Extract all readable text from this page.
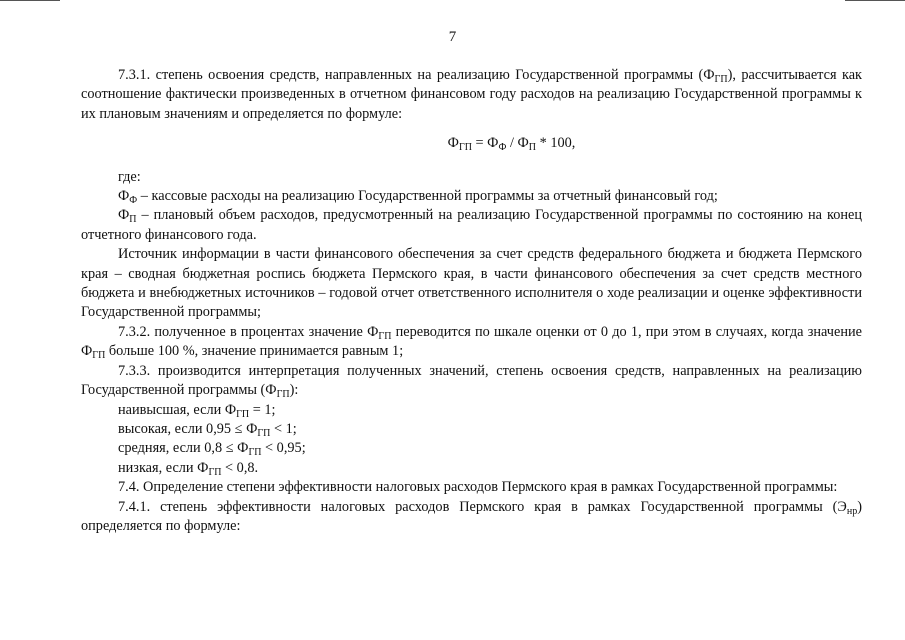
7

7.3.1. степень освоения средств, направленных на реализацию Государственной программы $(Ф_{ГП})$, рассчитывается как соотношение фактически произведенных в отчетном финансовом году расходов на реализацию Государственной программы к их плановым значениям и определяется по формуле:

$Ф_{ГП} = Ф_Ф / Ф_П * 100$,

где:

$Ф_Ф$ – кассовые расходы на реализацию Государственной программы за отчетный финансовый год;

$Ф_П$ – плановый объем расходов, предусмотренный на реализацию Государственной программы по состоянию на конец отчетного финансового года.

Источник информации в части финансового обеспечения за счет средств федерального бюджета и бюджета Пермского края – сводная бюджетная роспись бюджета Пермского края, в части финансового обеспечения за счет средств местного бюджета и внебюджетных источников – годовой отчет ответственного исполнителя о ходе реализации и оценке эффективности Государственной программы;

7.3.2. полученное в процентах значение $Ф_{ГП}$ переводится по шкале оценки от 0 до 1, при этом в случаях, когда значение $Ф_{ГП}$ больше 100 %, значение принимается равным 1;

7.3.3. производится интерпретация полученных значений, степень освоения средств, направленных на реализацию Государственной программы $(Ф_{ГП})$:

наивысшая, если $Ф_{ГП} = 1$;

высокая, если $0,95 \le Ф_{ГП} < 1$;

средняя, если $0,8 \le Ф_{ГП} < 0,95$;

низкая, если $Ф_{ГП} < 0,8$.

7.4. Определение степени эффективности налоговых расходов Пермского края в рамках Государственной программы:

7.4.1. степень эффективности налоговых расходов Пермского края в рамках Государственной программы $(Э_{нр})$ определяется по формуле:
